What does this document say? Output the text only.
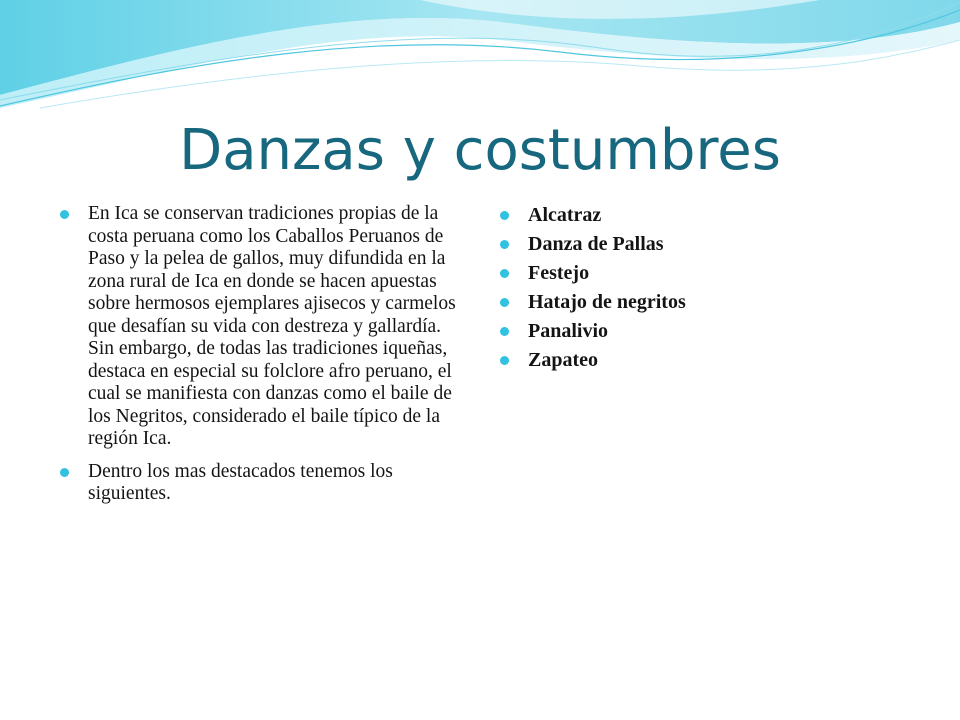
Danzas y costumbres
En Ica se conservan tradiciones propias de la costa peruana como los Caballos Peruanos de Paso y la pelea de gallos, muy difundida en la zona rural de Ica en donde se hacen apuestas sobre hermosos ejemplares ajisecos y carmelos que desafían su vida con destreza y gallardía. Sin embargo, de todas las tradiciones iqueñas, destaca en especial su folclore afro peruano, el cual se manifiesta con danzas como el baile de los Negritos, considerado el baile típico de la región Ica.
Dentro los mas destacados tenemos los siguientes.
Alcatraz
Danza de Pallas
Festejo
Hatajo de negritos
Panalivio
Zapateo
